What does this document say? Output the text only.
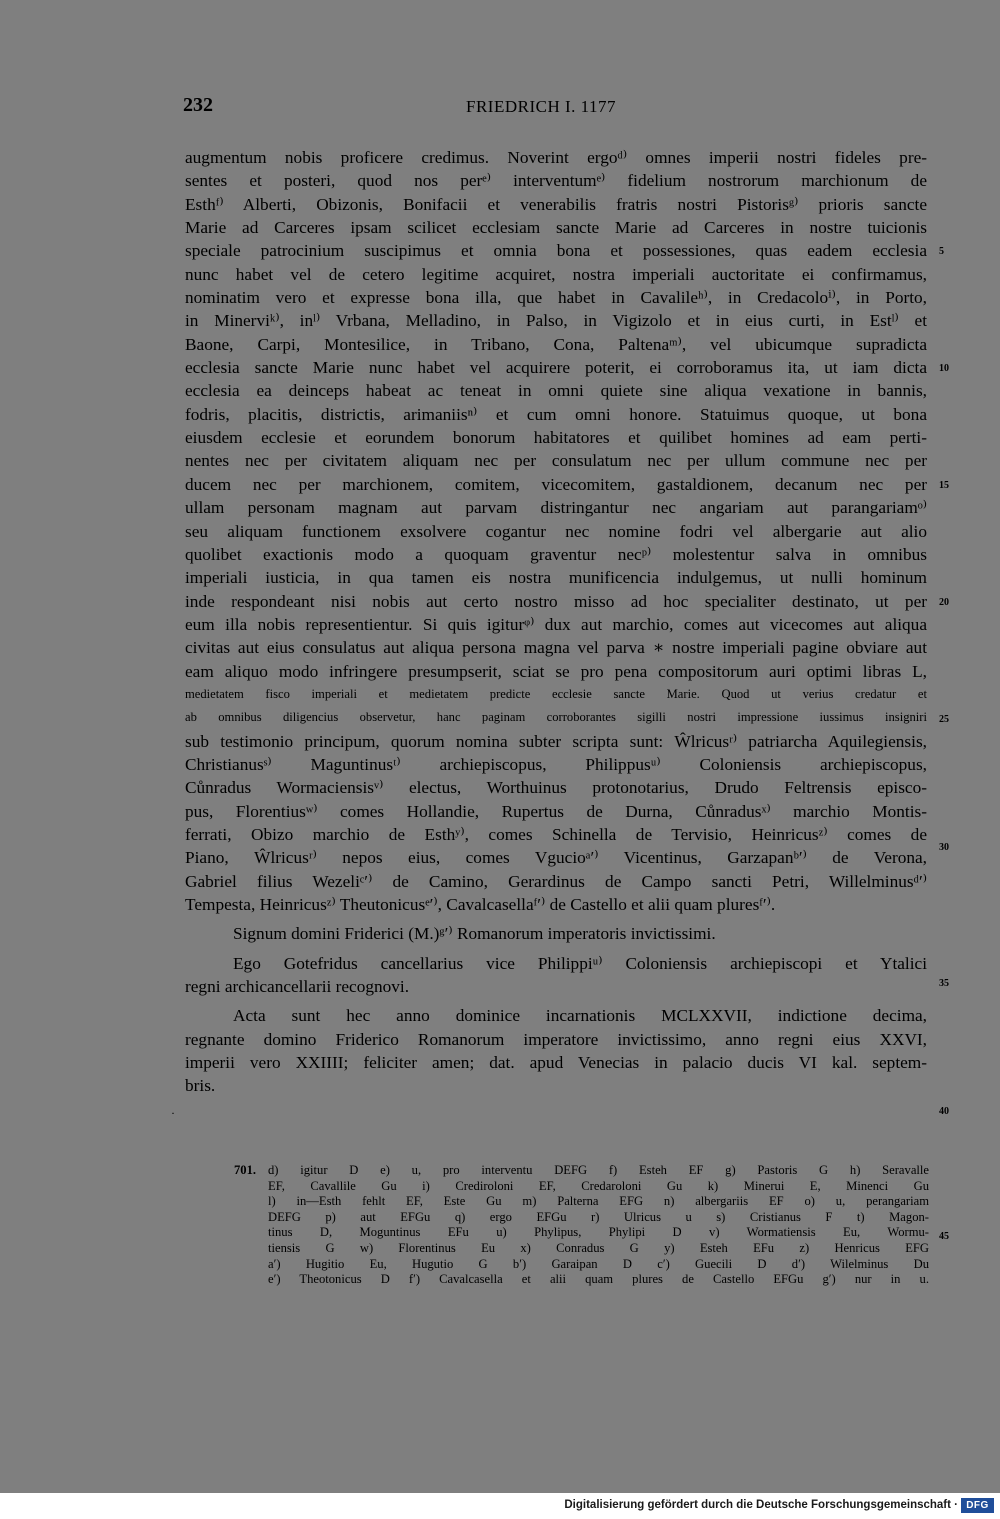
232	FRIEDRICH I. 1177
augmentum nobis proficere credimus. Noverint ergoᵈ⁾ omnes imperii nostri fideles pre-
sentes et posteri, quod nos perᵉ⁾ interventumᵉ⁾ fidelium nostrorum marchionum de
Esthᶠ⁾ Alberti, Obizonis, Bonifacii et venerabilis fratris nostri Pistorisᵍ⁾ prioris sancte
Marie ad Carceres ipsam scilicet ecclesiam sancte Marie ad Carceres in nostre tuicionis
speciale patrocinium suscipimus et omnia bona et possessiones, quas eadem ecclesia
nunc habet vel de cetero legitime acquiret, nostra imperiali auctoritate ei confirmamus,
nominatim vero et expresse bona illa, que habet in Cavalileʰ⁾, in Credacoloⁱ⁾, in Porto,
in Minerviᵏ⁾, inˡ⁾ Vrbana, Melladino, in Palso, in Vigizolo et in eius curti, in Estˡ⁾ et
Baone, Carpi, Montesilice, in Tribano, Cona, Paltenaᵐ⁾, vel ubicumque supradicta
ecclesia sancte Marie nunc habet vel acquirere poterit, ei corroboramus ita, ut iam dicta
ecclesia ea deinceps habeat ac teneat in omni quiete sine aliqua vexatione in bannis,
fodris, placitis, districtis, arimaniisⁿ⁾ et cum omni honore. Statuimus quoque, ut bona
eiusdem ecclesie et eorundem bonorum habitatores et quilibet homines ad eam perti-
nentes nec per civitatem aliquam nec per consulatum nec per ullum commune nec per
ducem nec per marchionem, comitem, vicecomitem, gastaldionem, decanum nec per
ullam personam magnam aut parvam distringantur nec angariam aut parangariamᵒ⁾
seu aliquam functionem exsolvere cogantur nec nomine fodri vel albergarie aut alio
quolibet exactionis modo a quoquam graventur necᵖ⁾ molestentur salva in omnibus
imperiali iusticia, in qua tamen eis nostra munificencia indulgemus, ut nulli hominum
inde respondeant nisi nobis aut certo nostro misso ad hoc specialiter destinato, ut per
eum illa nobis representientur. Si quis igiturᵠ⁾ dux aut marchio, comes aut vicecomes aut aliqua
civitas aut eius consulatus aut aliqua persona magna vel parva ∗ nostre imperiali pagine obviare aut
eam aliquo modo infringere presumpserit, sciat se pro pena compositorum auri optimi libras L,
medietatem fisco imperiali et medietatem predicte ecclesie sancte Marie. Quod ut verius credatur et
ab omnibus diligencius observetur, hanc paginam corroborantes sigilli nostri impressione iussimus insigniri
sub testimonio principum, quorum nomina subter scripta sunt: Ŵlricusʳ⁾ patriarcha Aquilegiensis,
Christianusˢ⁾ Maguntinusᵗ⁾ archiepiscopus, Philippusᵘ⁾ Coloniensis archiepiscopus,
Cůnradus Wormaciensisᵛ⁾ electus, Worthuinus protonotarius, Drudo Feltrensis episco-
pus, Florentiusʷ⁾ comes Hollandie, Rupertus de Durna, Cůnradusˣ⁾ marchio Montis-
ferrati, Obizo marchio de Esthʸ⁾, comes Schinella de Tervisio, Heinricusᶻ⁾ comes de
Piano, Ŵlricusʳ⁾ nepos eius, comes Vgucioᵃ′⁾ Vicentinus, Garzapanᵇ′⁾ de Verona,
Gabriel filius Wezeliᶜ′⁾ de Camino, Gerardinus de Campo sancti Petri, Willelminusᵈ′⁾
Tempesta, Heinricusᶻ⁾ Theutonicusᵉ′⁾, Cavalcasellaᶠ′⁾ de Castello et alii quam pluresᶠ′⁾.
Signum domini Friderici (M.)ᵍ′⁾ Romanorum imperatoris invictissimi.
Ego Gotefridus cancellarius vice Philippiᵘ⁾ Coloniensis archiepiscopi et Ytalici
regni archicancellarii recognovi.
Acta sunt hec anno dominice incarnationis MCLXXVII, indictione decima,
regnante domino Friderico Romanorum imperatore invictissimo, anno regni eius XXVI,
imperii vero XXIIII; feliciter amen; dat. apud Venecias in palacio ducis VI kal. septem-
bris.
5
10
15
20
25
30
35
40
·
701. d) igitur D e) u, pro interventu DEFG f) Esteh EF g) Pastoris G h) Seravalle
EF, Cavallile Gu i) Crediroloni EF, Credaroloni Gu k) Minerui E, Minenci Gu
l) in—Esth fehlt EF, Este Gu m) Palterna EFG n) albergariis EF o) u, perangariam
DEFG p) aut EFGu q) ergo EFGu r) Ulricus u s) Cristianus F t) Magon-
tinus D, Moguntinus EFu u) Phylipus, Phylipi D v) Wormatiensis Eu, Wormu-
tiensis G w) Florentinus Eu x) Conradus G y) Esteh EFu z) Henricus EFG
a′) Hugitio Eu, Hugutio G b′) Garaipan D c′) Guecili D d′) Wilelminus Du
e′) Theotonicus D f′) Cavalcasella et alii quam plures de Castello EFGu g′) nur in u.
45
Digitalisierung gefördert durch die Deutsche Forschungsgemeinschaft · DFG
